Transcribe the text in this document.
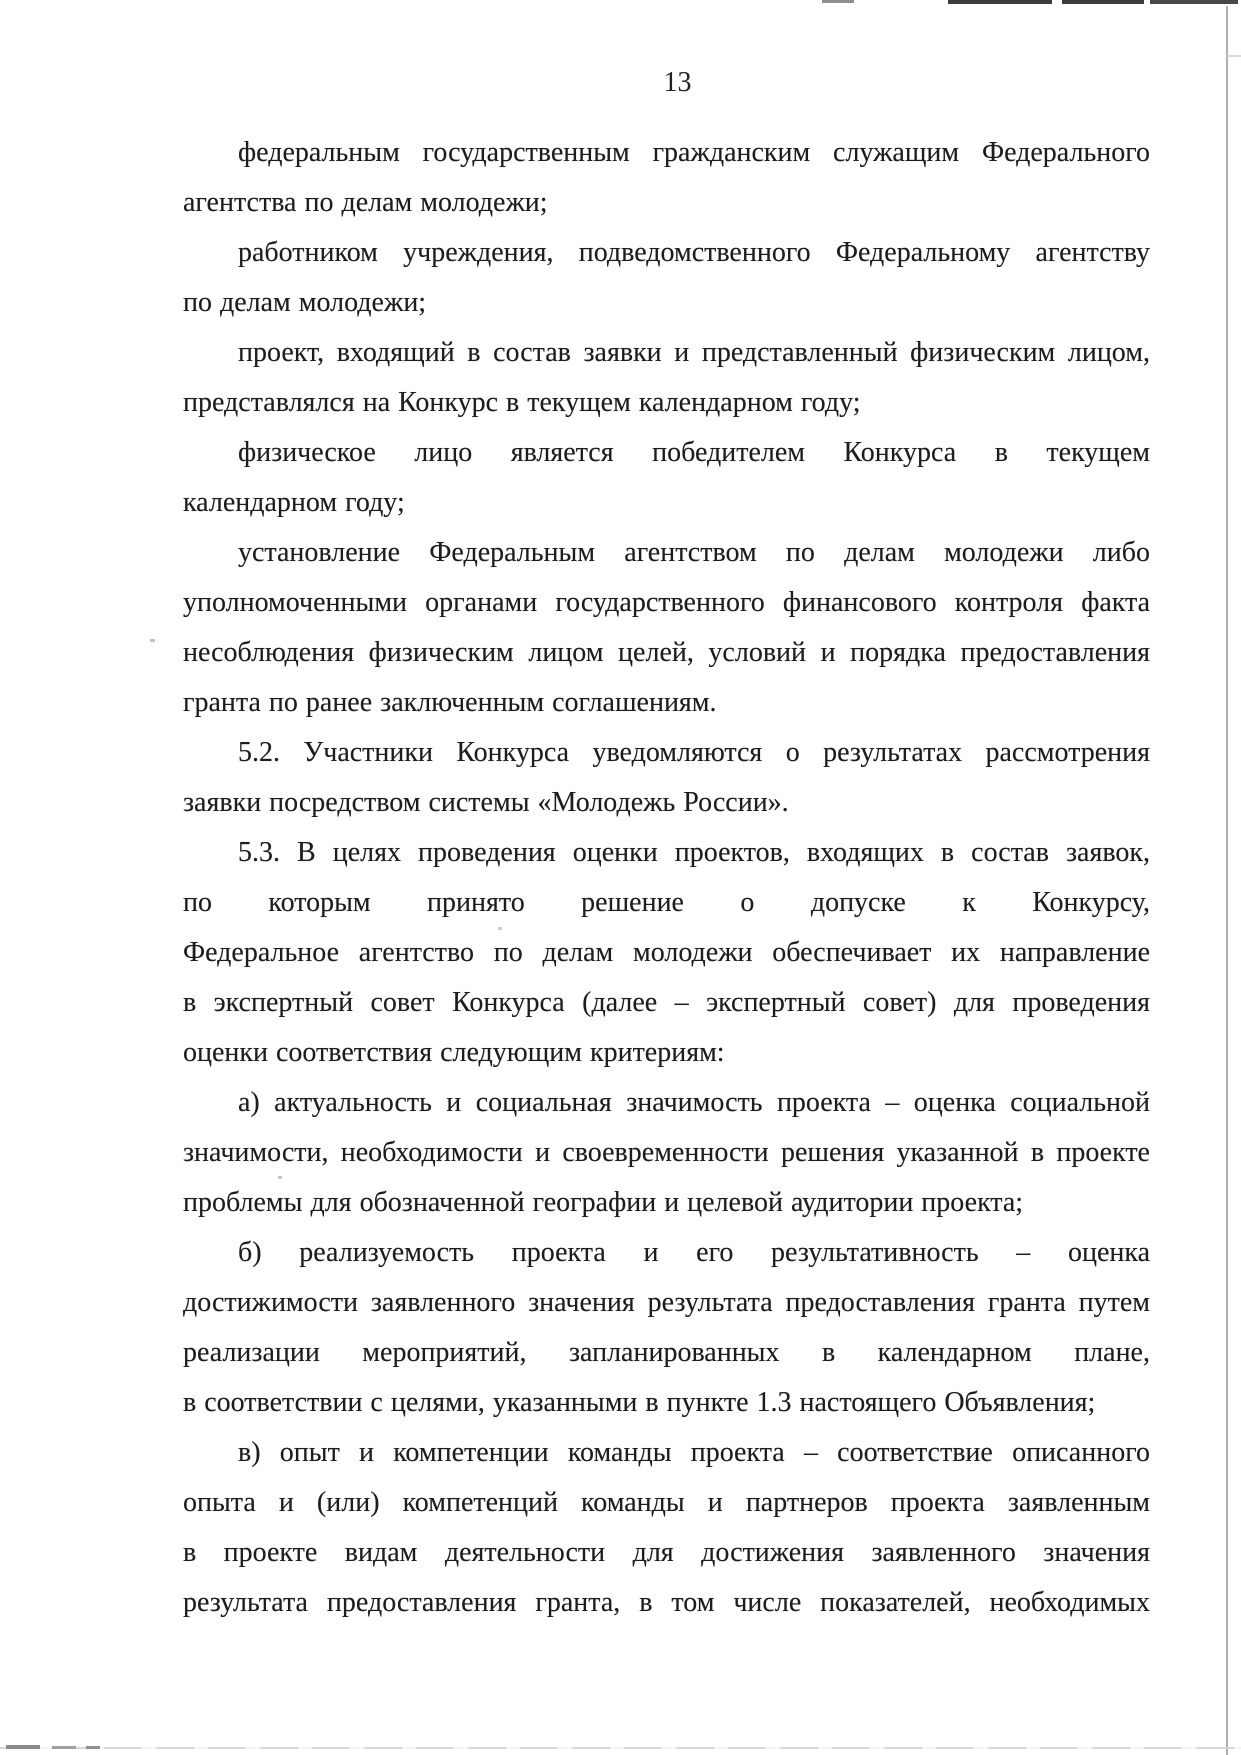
13
федеральным государственным гражданским служащим Федерального
агентства по делам молодежи;
работником учреждения, подведомственного Федеральному агентству
по делам молодежи;
проект, входящий в состав заявки и представленный физическим лицом,
представлялся на Конкурс в текущем календарном году;
физическое лицо является победителем Конкурса в текущем
календарном году;
установление Федеральным агентством по делам молодежи либо
уполномоченными органами государственного финансового контроля факта
несоблюдения физическим лицом целей, условий и порядка предоставления
гранта по ранее заключенным соглашениям.
5.2. Участники Конкурса уведомляются о результатах рассмотрения
заявки посредством системы «Молодежь России».
5.3. В целях проведения оценки проектов, входящих в состав заявок,
по которым принято решение о допуске к Конкурсу,
Федеральное агентство по делам молодежи обеспечивает их направление
в экспертный совет Конкурса (далее – экспертный совет) для проведения
оценки соответствия следующим критериям:
а) актуальность и социальная значимость проекта – оценка социальной
значимости, необходимости и своевременности решения указанной в проекте
проблемы для обозначенной географии и целевой аудитории проекта;
б) реализуемость проекта и его результативность – оценка
достижимости заявленного значения результата предоставления гранта путем
реализации мероприятий, запланированных в календарном плане,
в соответствии с целями, указанными в пункте 1.3 настоящего Объявления;
в) опыт и компетенции команды проекта – соответствие описанного
опыта и (или) компетенций команды и партнеров проекта заявленным
в проекте видам деятельности для достижения заявленного значения
результата предоставления гранта, в том числе показателей, необходимых
